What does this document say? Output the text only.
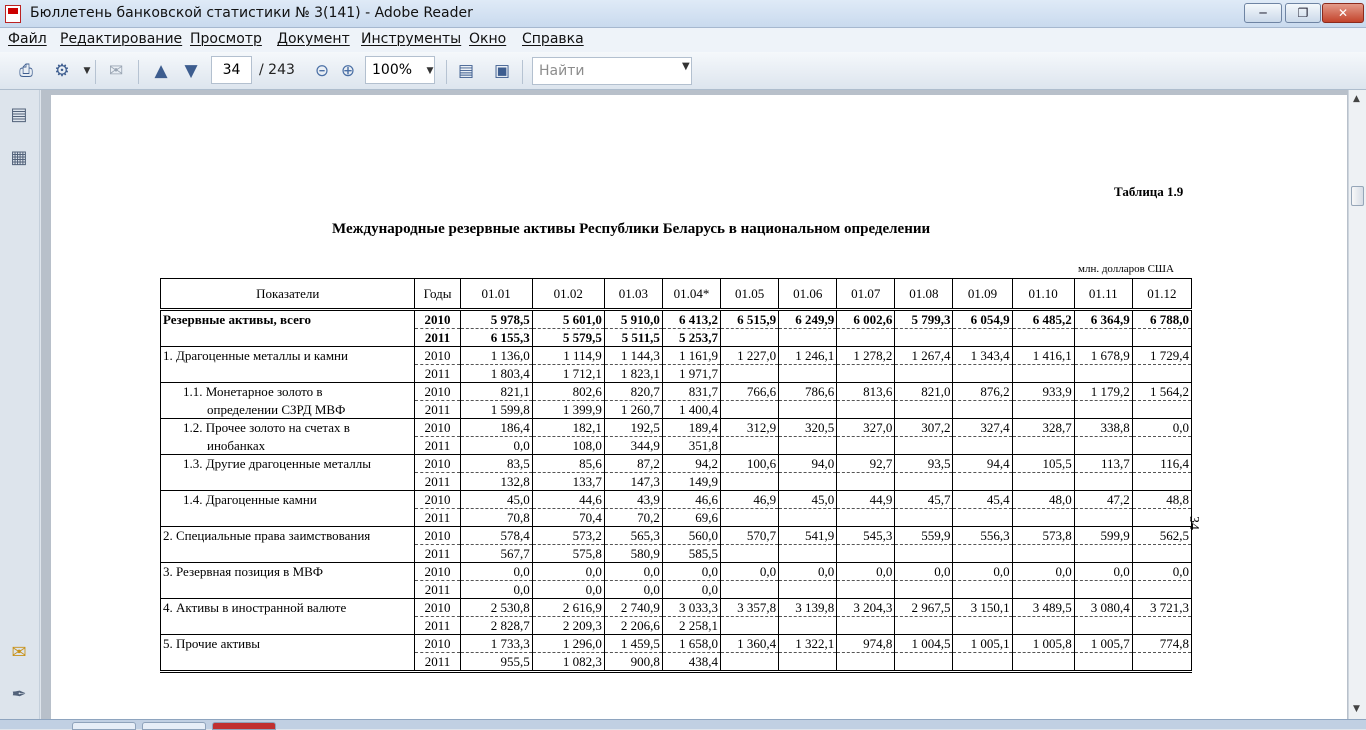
Бюллетень банковской статистики № 3(141) - Adobe Reader	─	❐	✕
Файл Редактирование Просмотр Документ Инструменты Окно Справка
⎙ ⚙	▼	✉ ▲ ▼	34	/ 243 ⊝ ⊕	100%	▼	▤ ▣	Найти	▼
▤
▦
✉
✒
▲
▼
Таблица 1.9
Международные резервные активы Республики Беларусь в национальном определении
млн. долларов США
34
Показатели	Годы	01.01	01.02	01.03	01.04*	01.05	01.06	01.07	01.08	01.09	01.10	01.11	01.12
Резервные активы, всего	2010	5 978,5	5 601,0	5 910,0	6 413,2	6 515,9	6 249,9	6 002,6	5 799,3	6 054,9	6 485,2	6 364,9	6 788,0
	2011	6 155,3	5 579,5	5 511,5	5 253,7								
1. Драгоценные металлы и камни	2010	1 136,0	1 114,9	1 144,3	1 161,9	1 227,0	1 246,1	1 278,2	1 267,4	1 343,4	1 416,1	1 678,9	1 729,4
	2011	1 803,4	1 712,1	1 823,1	1 971,7								
1.1. Монетарное золото в	2010	821,1	802,6	820,7	831,7	766,6	786,6	813,6	821,0	876,2	933,9	1 179,2	1 564,2
определении СЗРД МВФ	2011	1 599,8	1 399,9	1 260,7	1 400,4								
1.2. Прочее золото на счетах в	2010	186,4	182,1	192,5	189,4	312,9	320,5	327,0	307,2	327,4	328,7	338,8	0,0
инобанках	2011	0,0	108,0	344,9	351,8								
1.3. Другие драгоценные металлы	2010	83,5	85,6	87,2	94,2	100,6	94,0	92,7	93,5	94,4	105,5	113,7	116,4
	2011	132,8	133,7	147,3	149,9								
1.4. Драгоценные камни	2010	45,0	44,6	43,9	46,6	46,9	45,0	44,9	45,7	45,4	48,0	47,2	48,8
	2011	70,8	70,4	70,2	69,6								
2. Специальные права заимствования	2010	578,4	573,2	565,3	560,0	570,7	541,9	545,3	559,9	556,3	573,8	599,9	562,5
	2011	567,7	575,8	580,9	585,5								
3. Резервная позиция в МВФ	2010	0,0	0,0	0,0	0,0	0,0	0,0	0,0	0,0	0,0	0,0	0,0	0,0
	2011	0,0	0,0	0,0	0,0								
4. Активы в иностранной валюте	2010	2 530,8	2 616,9	2 740,9	3 033,3	3 357,8	3 139,8	3 204,3	2 967,5	3 150,1	3 489,5	3 080,4	3 721,3
	2011	2 828,7	2 209,3	2 206,6	2 258,1								
5. Прочие активы	2010	1 733,3	1 296,0	1 459,5	1 658,0	1 360,4	1 322,1	974,8	1 004,5	1 005,1	1 005,8	1 005,7	774,8
	2011	955,5	1 082,3	900,8	438,4								
